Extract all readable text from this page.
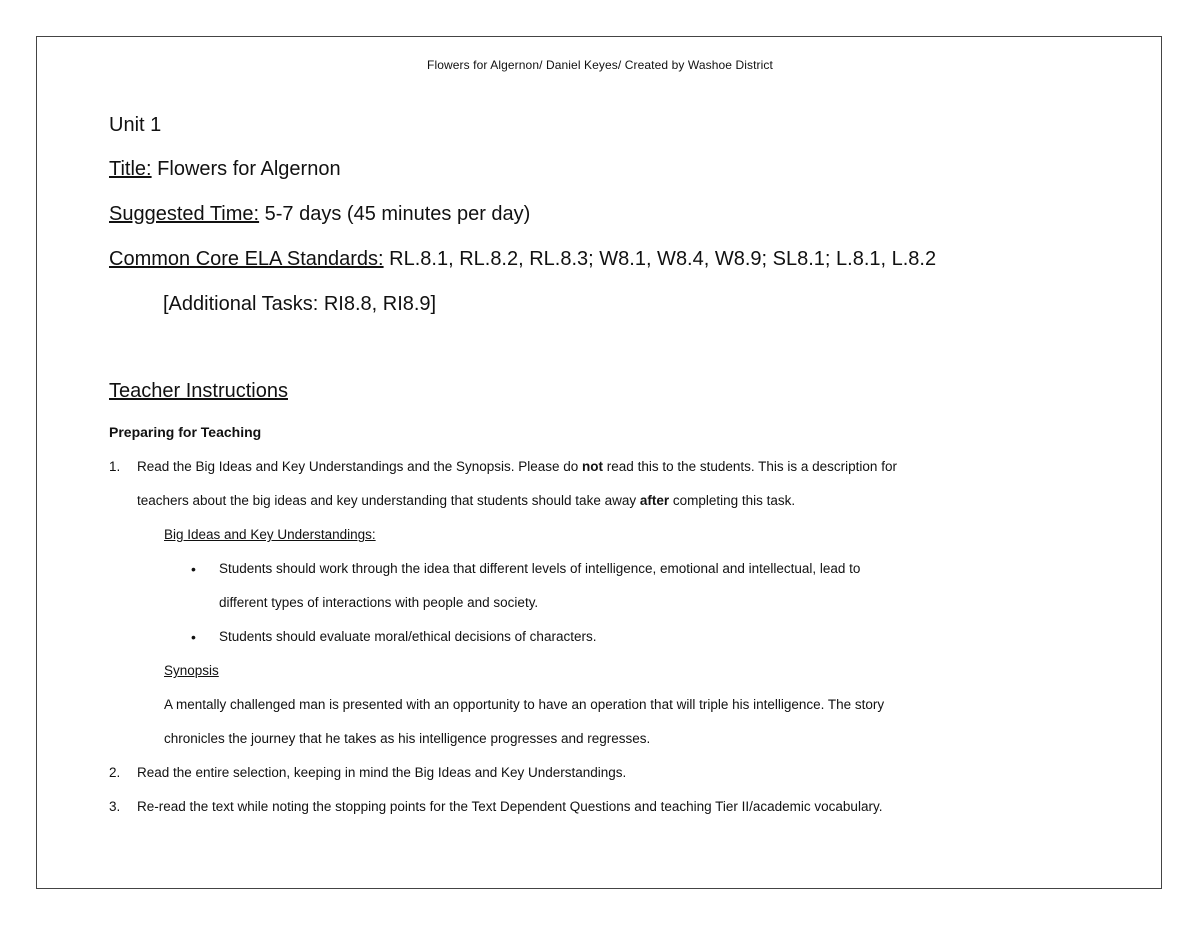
Flowers for Algernon/ Daniel Keyes/ Created by Washoe District

Unit 1

Title: Flowers for Algernon

Suggested Time: 5-7 days (45 minutes per day)

Common Core ELA Standards: RL.8.1, RL.8.2, RL.8.3; W8.1, W8.4, W8.9; SL8.1; L.8.1, L.8.2

[Additional Tasks: RI8.8, RI8.9]

Teacher Instructions

Preparing for Teaching

1. Read the Big Ideas and Key Understandings and the Synopsis. Please do not read this to the students. This is a description for
teachers about the big ideas and key understanding that students should take away after completing this task.
Big Ideas and Key Understandings:
• Students should work through the idea that different levels of intelligence, emotional and intellectual, lead to
different types of interactions with people and society.
• Students should evaluate moral/ethical decisions of characters.
Synopsis
A mentally challenged man is presented with an opportunity to have an operation that will triple his intelligence. The story
chronicles the journey that he takes as his intelligence progresses and regresses.
2. Read the entire selection, keeping in mind the Big Ideas and Key Understandings.
3. Re-read the text while noting the stopping points for the Text Dependent Questions and teaching Tier II/academic vocabulary.
